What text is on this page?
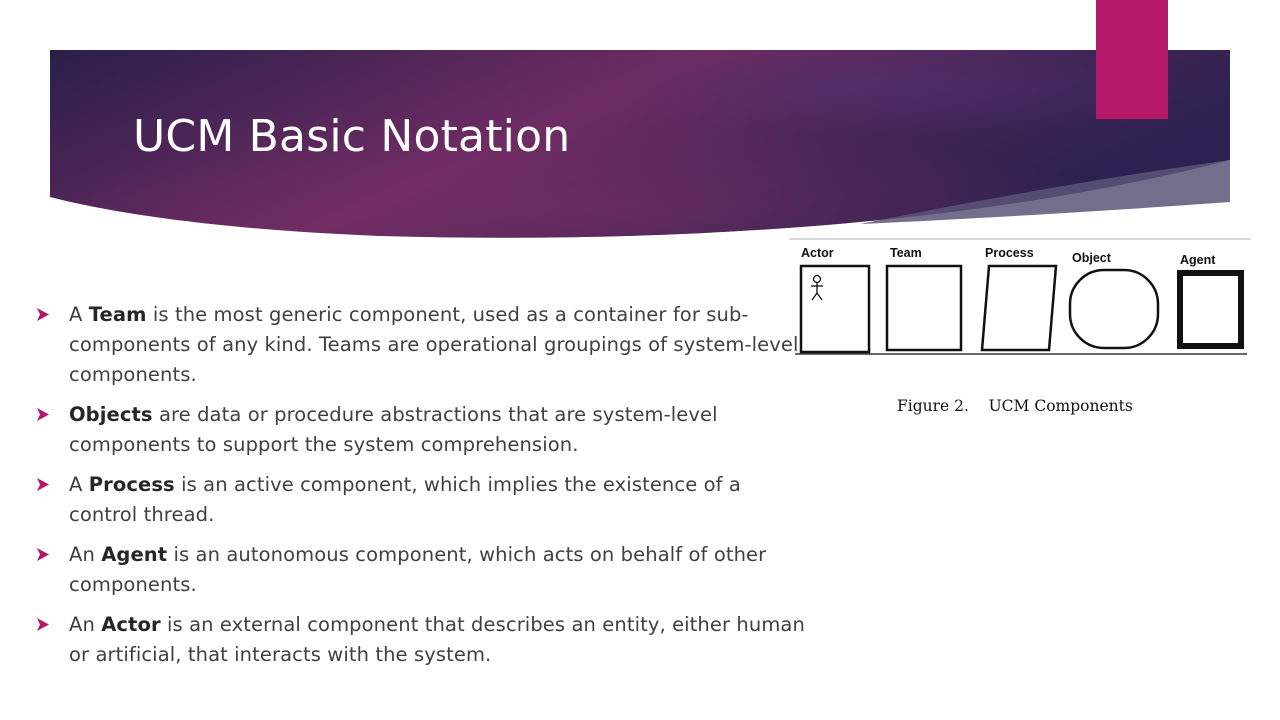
UCM Basic Notation
A Team is the most generic component, used as a container for sub-components of any kind. Teams are operational groupings of system-level components.
Objects are data or procedure abstractions that are system-level components to support the system comprehension.
A Process is an active component, which implies the existence of a control thread.
An Agent is an autonomous component, which acts on behalf of other components.
An Actor is an external component that describes an entity, either human or artificial, that interacts with the system.
Actor	Team	Process	Object	Agent
Figure 2.    UCM Components
